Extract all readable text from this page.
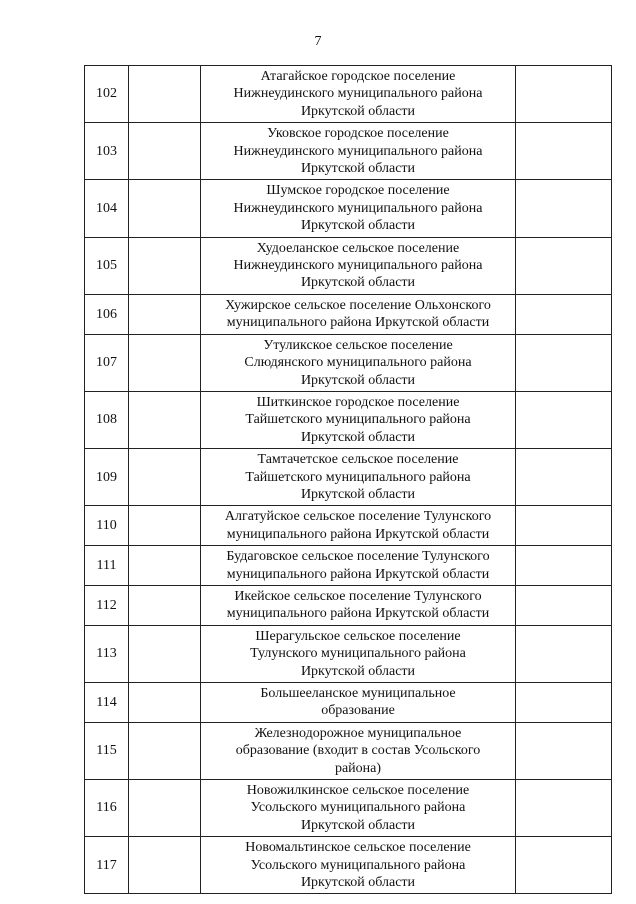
7
102		Атагайское городское поселение
Нижнеудинского муниципального района
Иркутской области	

103		Уковское городское поселение
Нижнеудинского муниципального района
Иркутской области	

104		Шумское городское поселение
Нижнеудинского муниципального района
Иркутской области	

105		Худоеланское сельское поселение
Нижнеудинского муниципального района
Иркутской области	

106		Хужирское сельское поселение Ольхонского
муниципального района Иркутской области	

107		Утуликское сельское поселение
Слюдянского муниципального района
Иркутской области	

108		Шиткинское городское поселение
Тайшетского муниципального района
Иркутской области	

109		Тамтачетское сельское поселение
Тайшетского муниципального района
Иркутской области	

110		Алгатуйское сельское поселение Тулунского
муниципального района Иркутской области	

111		Будаговское сельское поселение Тулунского
муниципального района Иркутской области	

112		Икейское сельское поселение Тулунского
муниципального района Иркутской области	

113		Шерагульское сельское поселение
Тулунского муниципального района
Иркутской области	

114		Большееланское муниципальное
образование	

115		Железнодорожное муниципальное
образование (входит в состав Усольского
района)	

116		Новожилкинское сельское поселение
Усольского муниципального района
Иркутской области	

117		Новомальтинское сельское поселение
Усольского муниципального района
Иркутской области	
